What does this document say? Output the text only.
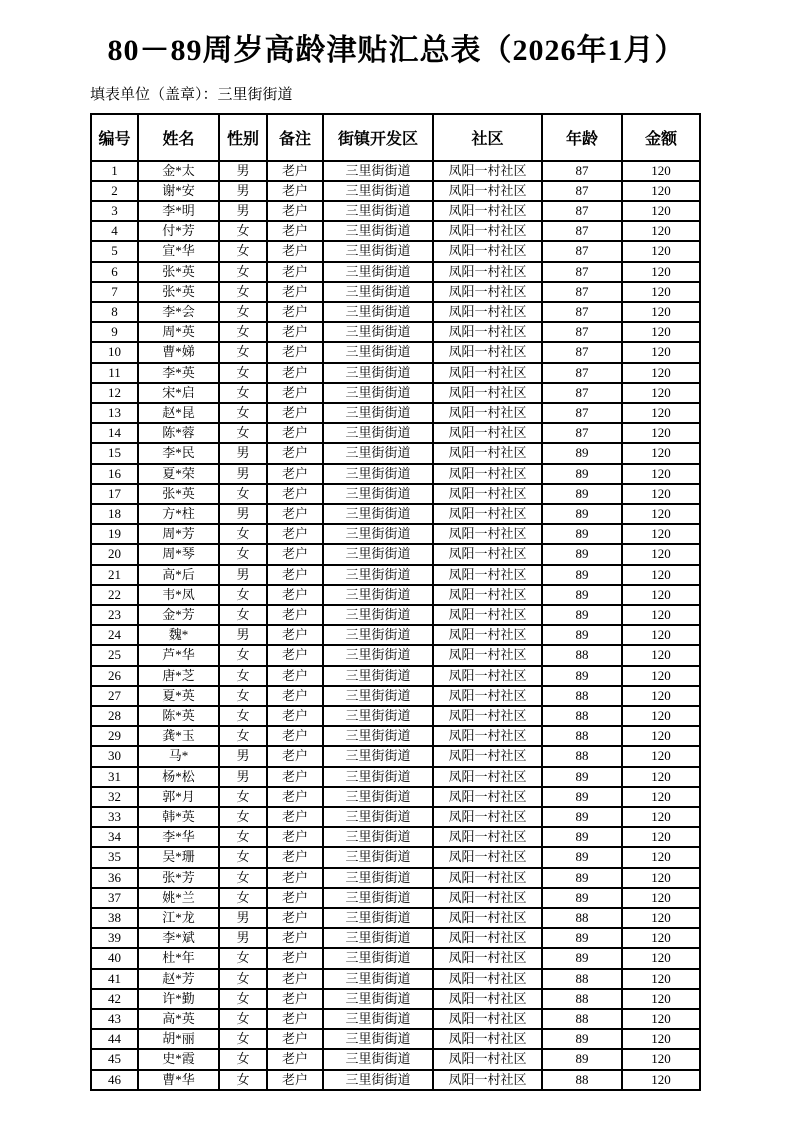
80－89周岁高龄津贴汇总表（2026年1月）
填表单位（盖章）：三里街街道
编号	姓名	性别	备注	街镇开发区	社区	年龄	金额
1	金*太	男	老户	三里街街道	凤阳一村社区	87	120
2	谢*安	男	老户	三里街街道	凤阳一村社区	87	120
3	李*明	男	老户	三里街街道	凤阳一村社区	87	120
4	付*芳	女	老户	三里街街道	凤阳一村社区	87	120
5	宣*华	女	老户	三里街街道	凤阳一村社区	87	120
6	张*英	女	老户	三里街街道	凤阳一村社区	87	120
7	张*英	女	老户	三里街街道	凤阳一村社区	87	120
8	李*会	女	老户	三里街街道	凤阳一村社区	87	120
9	周*英	女	老户	三里街街道	凤阳一村社区	87	120
10	曹*娣	女	老户	三里街街道	凤阳一村社区	87	120
11	李*英	女	老户	三里街街道	凤阳一村社区	87	120
12	宋*启	女	老户	三里街街道	凤阳一村社区	87	120
13	赵*昆	女	老户	三里街街道	凤阳一村社区	87	120
14	陈*蓉	女	老户	三里街街道	凤阳一村社区	87	120
15	李*民	男	老户	三里街街道	凤阳一村社区	89	120
16	夏*荣	男	老户	三里街街道	凤阳一村社区	89	120
17	张*英	女	老户	三里街街道	凤阳一村社区	89	120
18	方*柱	男	老户	三里街街道	凤阳一村社区	89	120
19	周*芳	女	老户	三里街街道	凤阳一村社区	89	120
20	周*琴	女	老户	三里街街道	凤阳一村社区	89	120
21	高*后	男	老户	三里街街道	凤阳一村社区	89	120
22	韦*凤	女	老户	三里街街道	凤阳一村社区	89	120
23	金*芳	女	老户	三里街街道	凤阳一村社区	89	120
24	魏*	男	老户	三里街街道	凤阳一村社区	89	120
25	芦*华	女	老户	三里街街道	凤阳一村社区	88	120
26	唐*芝	女	老户	三里街街道	凤阳一村社区	89	120
27	夏*英	女	老户	三里街街道	凤阳一村社区	88	120
28	陈*英	女	老户	三里街街道	凤阳一村社区	88	120
29	龚*玉	女	老户	三里街街道	凤阳一村社区	88	120
30	马*	男	老户	三里街街道	凤阳一村社区	88	120
31	杨*松	男	老户	三里街街道	凤阳一村社区	89	120
32	郭*月	女	老户	三里街街道	凤阳一村社区	89	120
33	韩*英	女	老户	三里街街道	凤阳一村社区	89	120
34	李*华	女	老户	三里街街道	凤阳一村社区	89	120
35	吴*珊	女	老户	三里街街道	凤阳一村社区	89	120
36	张*芳	女	老户	三里街街道	凤阳一村社区	89	120
37	姚*兰	女	老户	三里街街道	凤阳一村社区	89	120
38	江*龙	男	老户	三里街街道	凤阳一村社区	88	120
39	李*斌	男	老户	三里街街道	凤阳一村社区	89	120
40	杜*年	女	老户	三里街街道	凤阳一村社区	89	120
41	赵*芳	女	老户	三里街街道	凤阳一村社区	88	120
42	许*勤	女	老户	三里街街道	凤阳一村社区	88	120
43	高*英	女	老户	三里街街道	凤阳一村社区	88	120
44	胡*丽	女	老户	三里街街道	凤阳一村社区	89	120
45	史*霞	女	老户	三里街街道	凤阳一村社区	89	120
46	曹*华	女	老户	三里街街道	凤阳一村社区	88	120
